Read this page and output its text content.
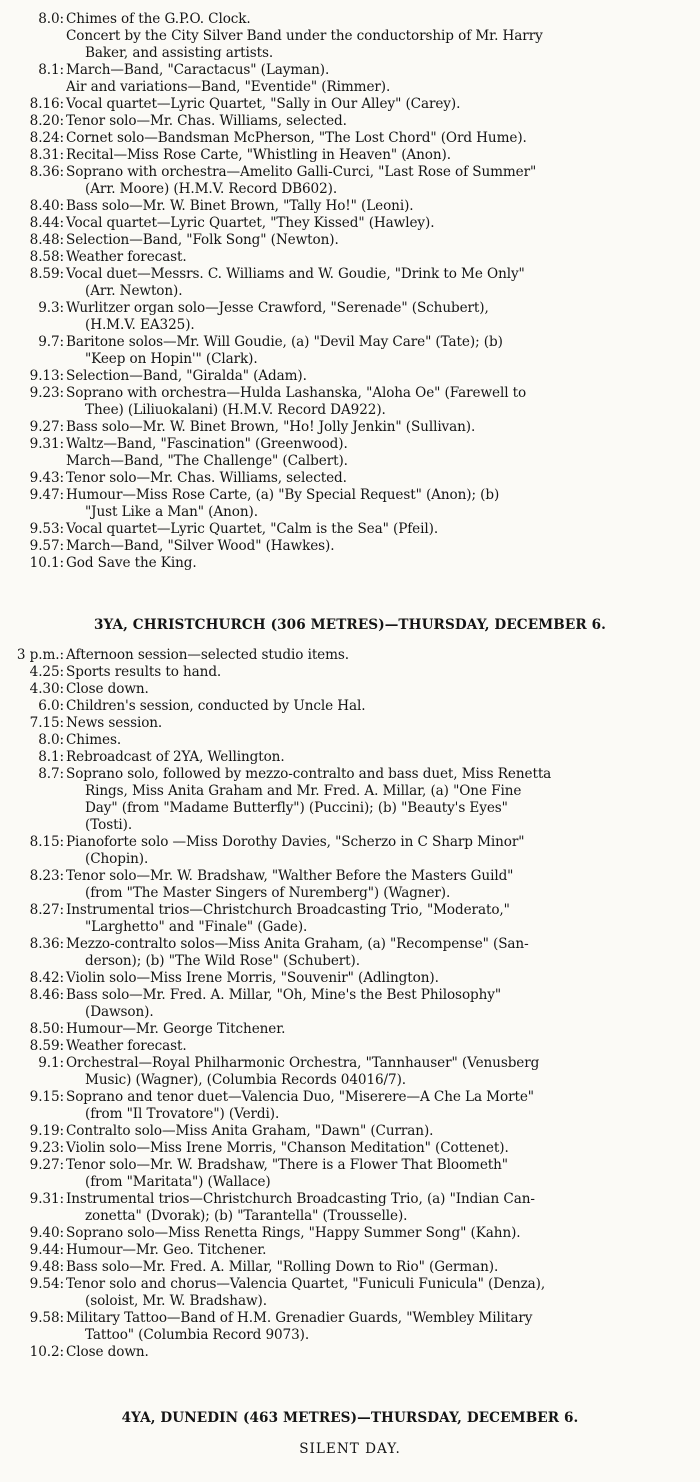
8.0: Chimes of the G.P.O. Clock.
Concert by the City Silver Band under the conductorship of Mr. Harry
Baker, and assisting artists.
8.1: March—Band, "Caractacus" (Layman).
Air and variations—Band, "Eventide" (Rimmer).
8.16: Vocal quartet—Lyric Quartet, "Sally in Our Alley" (Carey).
8.20: Tenor solo—Mr. Chas. Williams, selected.
8.24: Cornet solo—Bandsman McPherson, "The Lost Chord" (Ord Hume).
8.31: Recital—Miss Rose Carte, "Whistling in Heaven" (Anon).
8.36: Soprano with orchestra—Amelito Galli-Curci, "Last Rose of Summer"
(Arr. Moore) (H.M.V. Record DB602).
8.40: Bass solo—Mr. W. Binet Brown, "Tally Ho!" (Leoni).
8.44: Vocal quartet—Lyric Quartet, "They Kissed" (Hawley).
8.48: Selection—Band, "Folk Song" (Newton).
8.58: Weather forecast.
8.59: Vocal duet—Messrs. C. Williams and W. Goudie, "Drink to Me Only"
(Arr. Newton).
9.3: Wurlitzer organ solo—Jesse Crawford, "Serenade" (Schubert),
(H.M.V. EA325).
9.7: Baritone solos—Mr. Will Goudie, (a) "Devil May Care" (Tate); (b)
"Keep on Hopin'" (Clark).
9.13: Selection—Band, "Giralda" (Adam).
9.23: Soprano with orchestra—Hulda Lashanska, "Aloha Oe" (Farewell to
Thee) (Liliuokalani) (H.M.V. Record DA922).
9.27: Bass solo—Mr. W. Binet Brown, "Ho! Jolly Jenkin" (Sullivan).
9.31: Waltz—Band, "Fascination" (Greenwood).
March—Band, "The Challenge" (Calbert).
9.43: Tenor solo—Mr. Chas. Williams, selected.
9.47: Humour—Miss Rose Carte, (a) "By Special Request" (Anon); (b)
"Just Like a Man" (Anon).
9.53: Vocal quartet—Lyric Quartet, "Calm is the Sea" (Pfeil).
9.57: March—Band, "Silver Wood" (Hawkes).
10.1: God Save the King.
3YA, CHRISTCHURCH (306 METRES)—THURSDAY, DECEMBER 6.
3 p.m.: Afternoon session—selected studio items.
4.25: Sports results to hand.
4.30: Close down.
6.0: Children's session, conducted by Uncle Hal.
7.15: News session.
8.0: Chimes.
8.1: Rebroadcast of 2YA, Wellington.
8.7: Soprano solo, followed by mezzo-contralto and bass duet, Miss Renetta
Rings, Miss Anita Graham and Mr. Fred. A. Millar, (a) "One Fine
Day" (from "Madame Butterfly") (Puccini); (b) "Beauty's Eyes"
(Tosti).
8.15: Pianoforte solo —Miss Dorothy Davies, "Scherzo in C Sharp Minor"
(Chopin).
8.23: Tenor solo—Mr. W. Bradshaw, "Walther Before the Masters Guild"
(from "The Master Singers of Nuremberg") (Wagner).
8.27: Instrumental trios—Christchurch Broadcasting Trio, "Moderato,"
"Larghetto" and "Finale" (Gade).
8.36: Mezzo-contralto solos—Miss Anita Graham, (a) "Recompense" (San-
derson); (b) "The Wild Rose" (Schubert).
8.42: Violin solo—Miss Irene Morris, "Souvenir" (Adlington).
8.46: Bass solo—Mr. Fred. A. Millar, "Oh, Mine's the Best Philosophy"
(Dawson).
8.50: Humour—Mr. George Titchener.
8.59: Weather forecast.
9.1: Orchestral—Royal Philharmonic Orchestra, "Tannhauser" (Venusberg
Music) (Wagner), (Columbia Records 04016/7).
9.15: Soprano and tenor duet—Valencia Duo, "Miserere—A Che La Morte"
(from "Il Trovatore") (Verdi).
9.19: Contralto solo—Miss Anita Graham, "Dawn" (Curran).
9.23: Violin solo—Miss Irene Morris, "Chanson Meditation" (Cottenet).
9.27: Tenor solo—Mr. W. Bradshaw, "There is a Flower That Bloometh"
(from "Maritata") (Wallace)
9.31: Instrumental trios—Christchurch Broadcasting Trio, (a) "Indian Can-
zonetta" (Dvorak); (b) "Tarantella" (Trousselle).
9.40: Soprano solo—Miss Renetta Rings, "Happy Summer Song" (Kahn).
9.44: Humour—Mr. Geo. Titchener.
9.48: Bass solo—Mr. Fred. A. Millar, "Rolling Down to Rio" (German).
9.54: Tenor solo and chorus—Valencia Quartet, "Funiculi Funicula" (Denza),
(soloist, Mr. W. Bradshaw).
9.58: Military Tattoo—Band of H.M. Grenadier Guards, "Wembley Military
Tattoo" (Columbia Record 9073).
10.2: Close down.
4YA, DUNEDIN (463 METRES)—THURSDAY, DECEMBER 6.
SILENT DAY.
